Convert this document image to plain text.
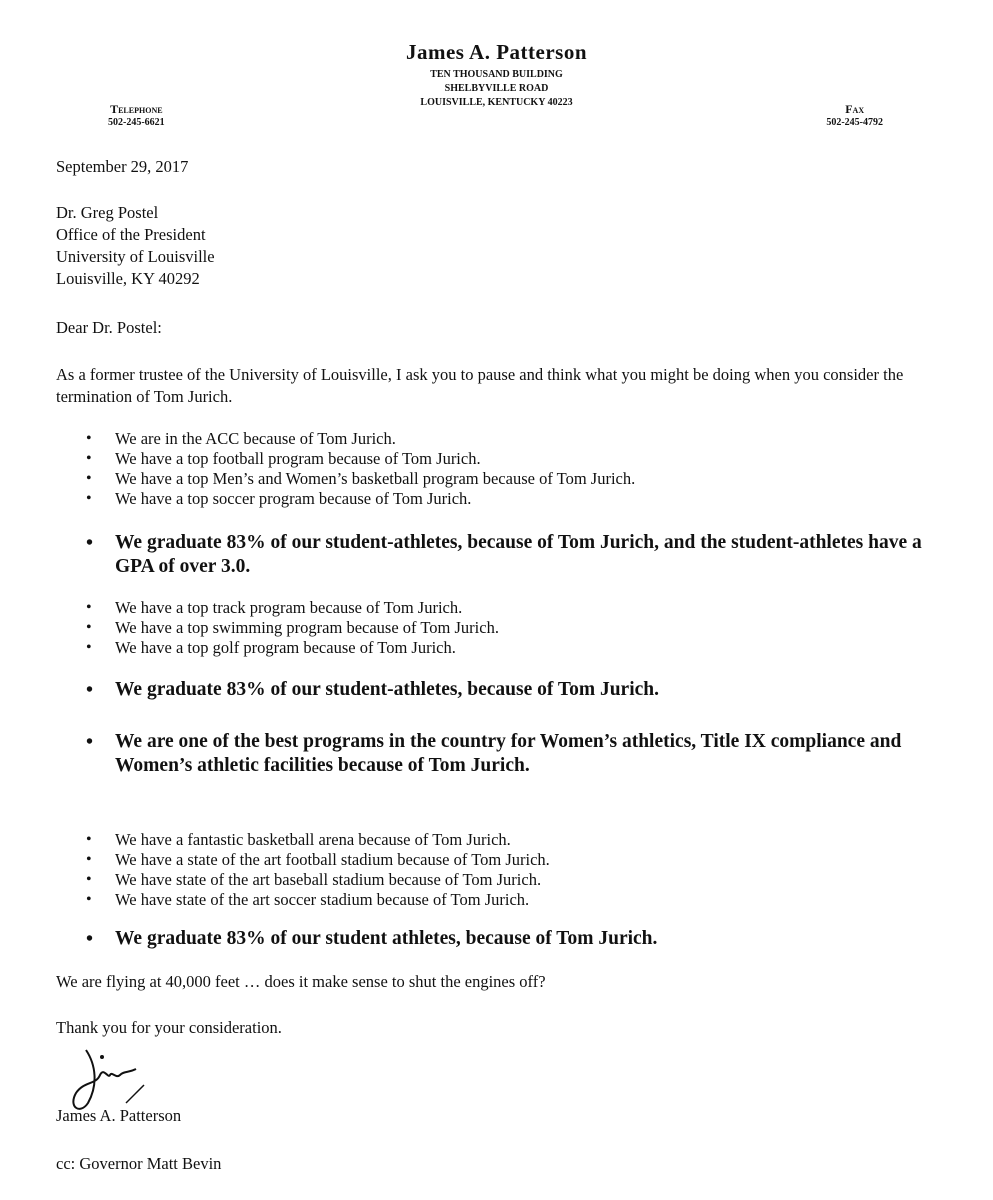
James A. Patterson
TEN THOUSAND BUILDING
SHELBYVILLE ROAD
LOUISVILLE, KENTUCKY 40223
Telephone
502-245-6621
Fax
502-245-4792
September 29, 2017
Dr. Greg Postel
Office of the President
University of Louisville
Louisville, KY 40292
Dear Dr. Postel:
As a former trustee of the University of Louisville, I ask you to pause and think what you might be doing when you consider the termination of Tom Jurich.
• We are in the ACC because of Tom Jurich.
• We have a top football program because of Tom Jurich.
• We have a top Men’s and Women’s basketball program because of Tom Jurich.
• We have a top soccer program because of Tom Jurich.
• We graduate 83% of our student-athletes, because of Tom Jurich, and the student-athletes have a GPA of over 3.0.
• We have a top track program because of Tom Jurich.
• We have a top swimming program because of Tom Jurich.
• We have a top golf program because of Tom Jurich.
• We graduate 83% of our student-athletes, because of Tom Jurich.
• We are one of the best programs in the country for Women’s athletics, Title IX compliance and Women’s athletic facilities because of Tom Jurich.
• We have a fantastic basketball arena because of Tom Jurich.
• We have a state of the art football stadium because of Tom Jurich.
• We have state of the art baseball stadium because of Tom Jurich.
• We have state of the art soccer stadium because of Tom Jurich.
• We graduate 83% of our student athletes, because of Tom Jurich.
We are flying at 40,000 feet … does it make sense to shut the engines off?
Thank you for your consideration.
James A. Patterson
cc: Governor Matt Bevin
